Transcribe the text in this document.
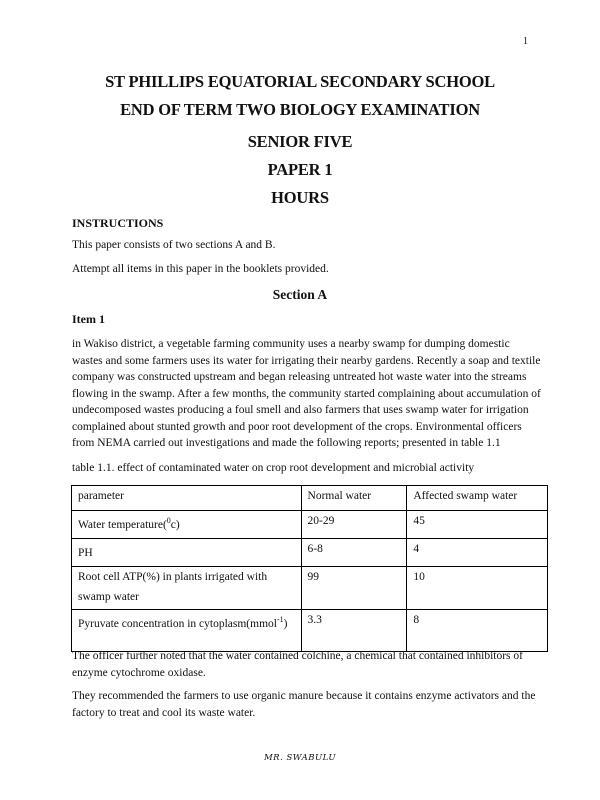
1
ST PHILLIPS EQUATORIAL SECONDARY SCHOOL
END OF TERM TWO BIOLOGY EXAMINATION
SENIOR FIVE
PAPER 1
HOURS
INSTRUCTIONS
This paper consists of two sections A and B.
Attempt all items in this paper in the booklets provided.
Section A
Item 1
in Wakiso district, a vegetable farming community uses a nearby swamp for dumping domestic wastes and some farmers uses its water for irrigating their nearby gardens. Recently a soap and textile company was constructed upstream and began releasing untreated hot waste water into the streams flowing in the swamp. After a few months, the community started complaining about accumulation of undecomposed wastes producing a foul smell and also farmers that uses swamp water for irrigation complained about stunted growth and poor root development of the crops. Environmental officers from NEMA carried out investigations and made the following reports; presented in table 1.1
table 1.1. effect of contaminated water on crop root development and microbial activity
parameter	Normal water	Affected swamp water
Water temperature($^0$c)	20-29	45
PH	6-8	4
Root cell ATP(%) in plants irrigated with swamp water	99	10
Pyruvate concentration in cytoplasm(mmol$^{-1}$)	3.3	8
The officer further noted that the water contained colchine, a chemical that contained inhibitors of enzyme cytochrome oxidase.
They recommended the farmers to use organic manure because it contains enzyme activators and the factory to treat and cool its waste water.
MR. SWABULU
